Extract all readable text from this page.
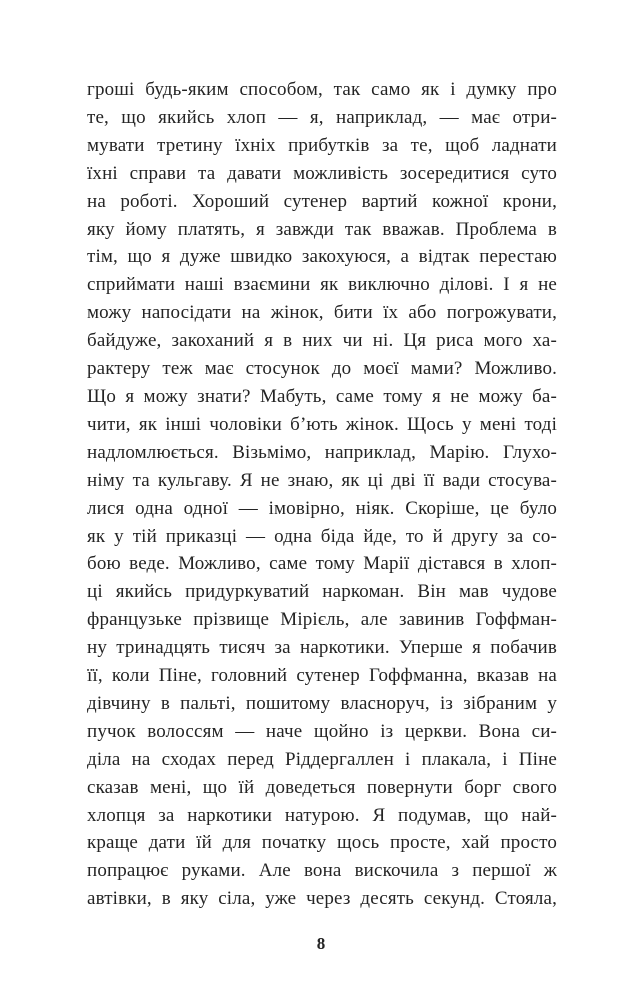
гроші будь-яким способом, так само як і думку про
те, що якийсь хлоп — я, наприклад, — має отри-
мувати третину їхніх прибутків за те, щоб ладнати
їхні справи та давати можливість зосередитися суто
на роботі. Хороший сутенер вартий кожної крони,
яку йому платять, я завжди так вважав. Проблема в
тім, що я дуже швидко закохуюся, а відтак перестаю
сприймати наші взаємини як виключно ділові. І я не
можу напосідати на жінок, бити їх або погрожувати,
байдуже, закоханий я в них чи ні. Ця риса мого ха-
рактеру теж має стосунок до моєї мами? Можливо.
Що я можу знати? Мабуть, саме тому я не можу ба-
чити, як інші чоловіки б’ють жінок. Щось у мені тоді
надломлюється. Візьмімо, наприклад, Марію. Глухо-
німу та кульгаву. Я не знаю, як ці дві її вади стосува-
лися одна одної — імовірно, ніяк. Скоріше, це було
як у тій приказці — одна біда йде, то й другу за со-
бою веде. Можливо, саме тому Марії дістався в хлоп-
ці якийсь придуркуватий наркоман. Він мав чудове
французьке прізвище Мірієль, але завинив Гоффман-
ну тринадцять тисяч за наркотики. Уперше я побачив
її, коли Піне, головний сутенер Гоффманна, вказав на
дівчину в пальті, пошитому власноруч, із зібраним у
пучок волоссям — наче щойно із церкви. Вона си-
діла на сходах перед Ріддергаллен і плакала, і Піне
сказав мені, що їй доведеться повернути борг свого
хлопця за наркотики натурою. Я подумав, що най-
краще дати їй для початку щось просте, хай просто
попрацює руками. Але вона вискочила з першої ж
автівки, в яку сіла, уже через десять секунд. Стояла,
8
